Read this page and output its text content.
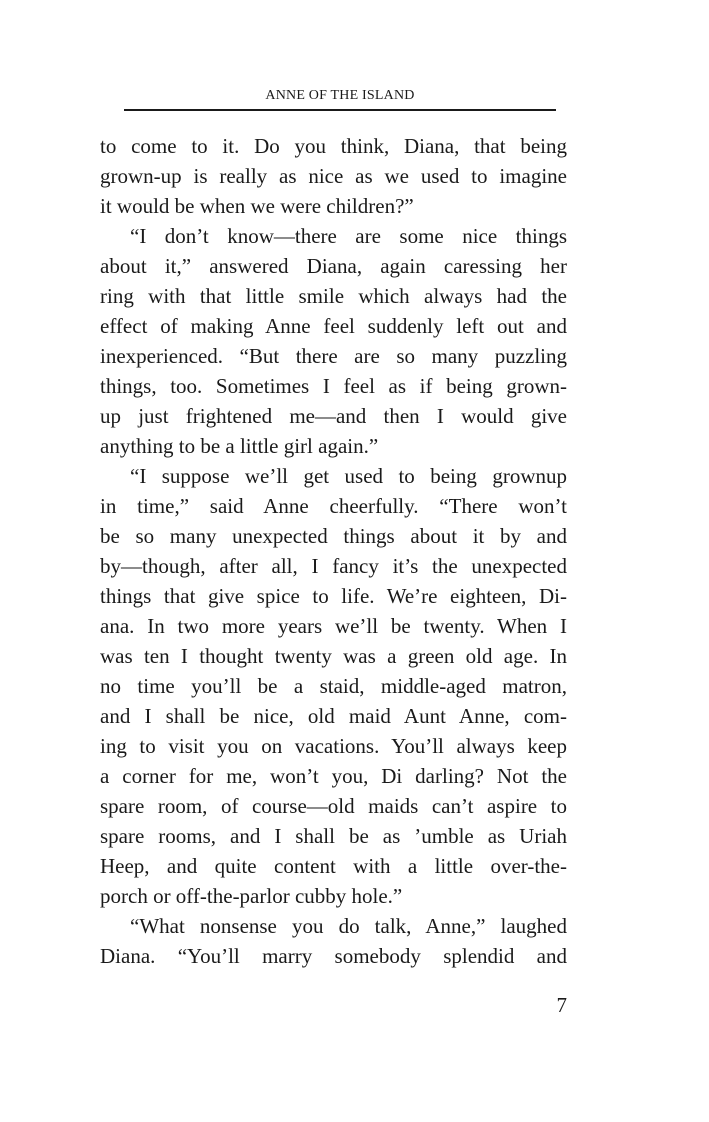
ANNE OF THE ISLAND
to come to it. Do you think, Diana, that being
grown-up is really as nice as we used to imagine
it would be when we were children?”
“I don’t know—there are some nice things
about it,” answered Diana, again caressing her
ring with that little smile which always had the
effect of making Anne feel suddenly left out and
inexperienced. “But there are so many puzzling
things, too. Sometimes I feel as if being grown-
up just frightened me—and then I would give
anything to be a little girl again.”
“I suppose we’ll get used to being grownup
in time,” said Anne cheerfully. “There won’t
be so many unexpected things about it by and
by—though, after all, I fancy it’s the unexpected
things that give spice to life. We’re eighteen, Di-
ana. In two more years we’ll be twenty. When I
was ten I thought twenty was a green old age. In
no time you’ll be a staid, middle-aged matron,
and I shall be nice, old maid Aunt Anne, com-
ing to visit you on vacations. You’ll always keep
a corner for me, won’t you, Di darling? Not the
spare room, of course—old maids can’t aspire to
spare rooms, and I shall be as ’umble as Uriah
Heep, and quite content with a little over-the-
porch or off-the-parlor cubby hole.”
“What nonsense you do talk, Anne,” laughed
Diana. “You’ll marry somebody splendid and
7
